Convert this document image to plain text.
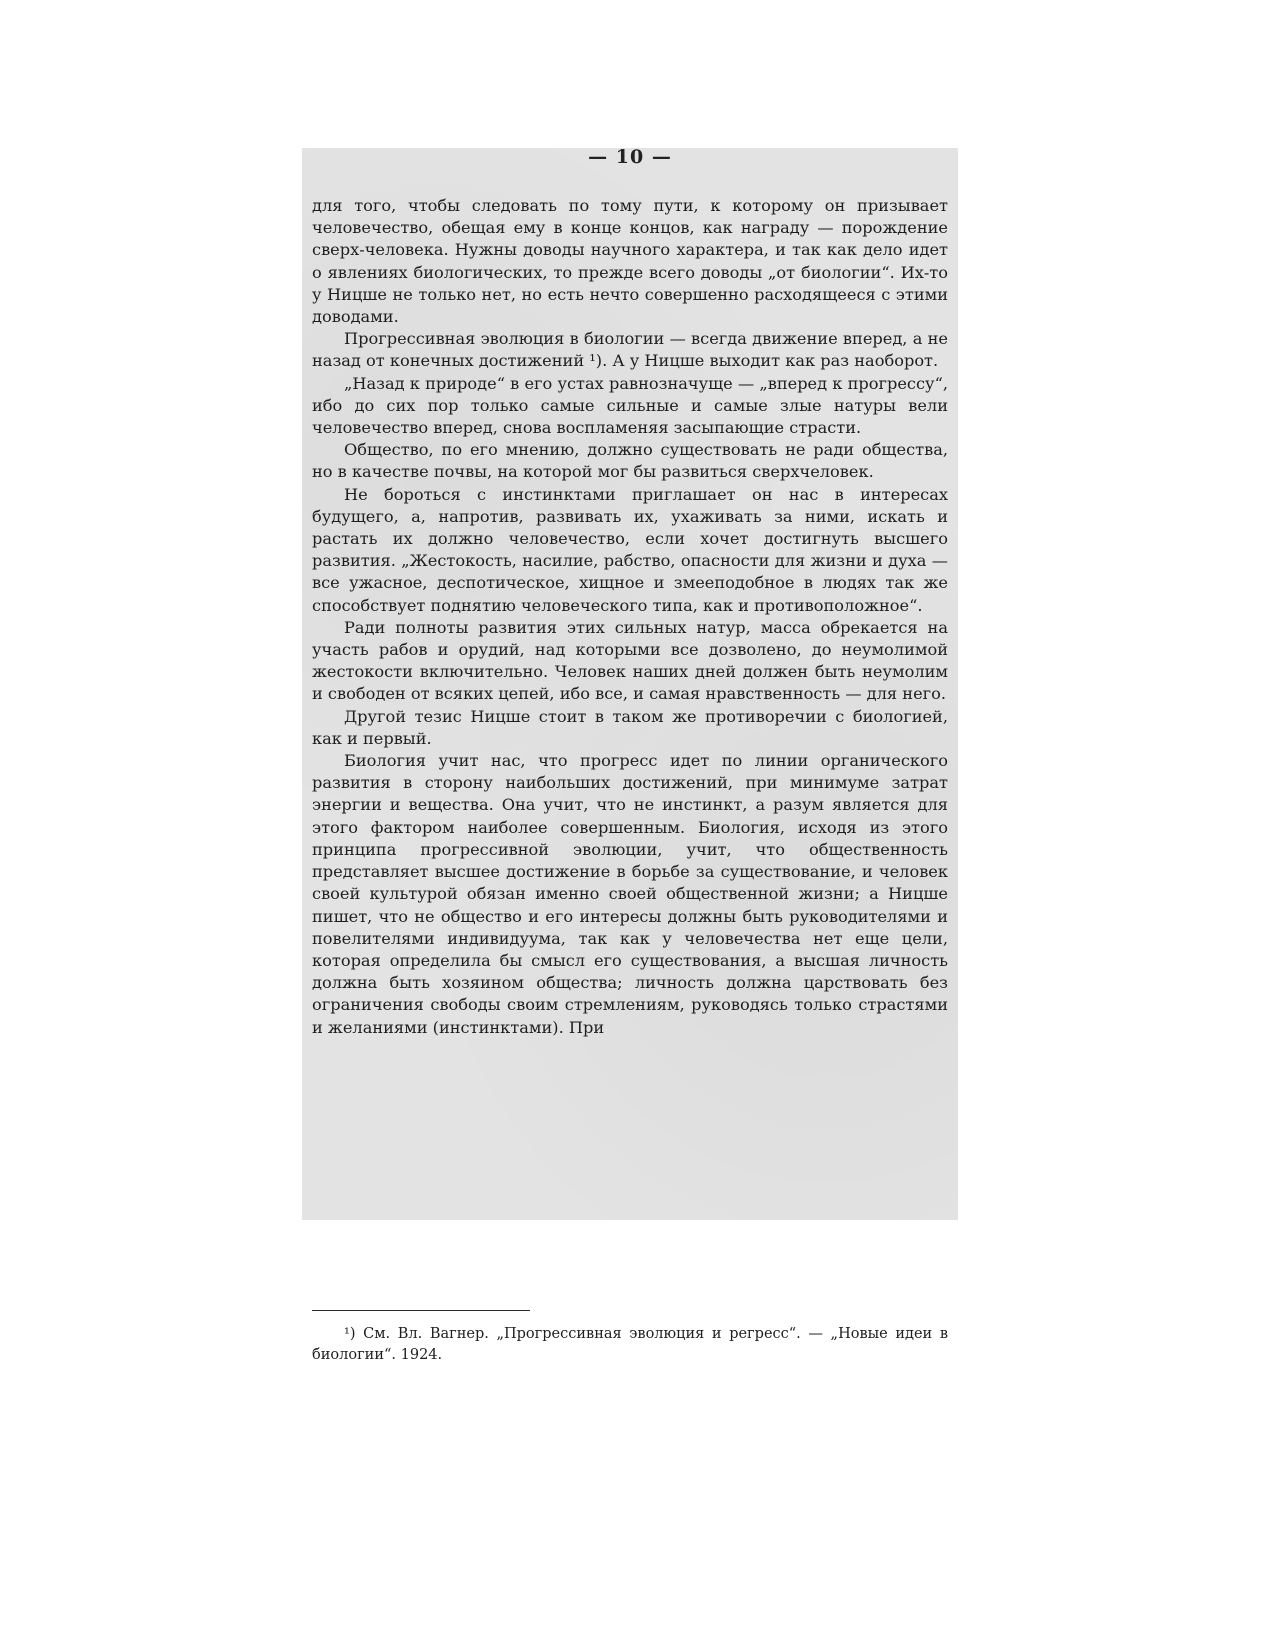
— 10 —

для того, чтобы следовать по тому пути, к которому он призывает человечество, обещая ему в конце концов, как награду — порождение сверх-человека. Нужны доводы научного характера, и так как дело идет о явлениях биологических, то прежде всего доводы „от биологии“. Их-то у Ницше не только нет, но есть нечто совершенно расходящееся с этими доводами.

Прогрессивная эволюция в биологии — всегда движение вперед, а не назад от конечных достижений ¹). А у Ницше выходит как раз наоборот.

„Назад к природе“ в его устах равнозначуще — „вперед к прогрессу“, ибо до сих пор только самые сильные и самые злые натуры вели человечество вперед, снова воспламеняя засыпающие страсти.

Общество, по его мнению, должно существовать не ради общества, но в качестве почвы, на которой мог бы развиться сверхчеловек.

Не бороться с инстинктами приглашает он нас в интересах будущего, а, напротив, развивать их, ухаживать за ними, искать и растать их должно человечество, если хочет достигнуть высшего развития. „Жестокость, насилие, рабство, опасности для жизни и духа — все ужасное, деспотическое, хищное и змееподобное в людях так же способствует поднятию человеческого типа, как и противоположное“.

Ради полноты развития этих сильных натур, масса обрекается на участь рабов и орудий, над которыми все дозволено, до неумолимой жестокости включительно. Человек наших дней должен быть неумолим и свободен от всяких цепей, ибо все, и самая нравственность — для него.

Другой тезис Ницше стоит в таком же противоречии с биологией, как и первый.

Биология учит нас, что прогресс идет по линии органического развития в сторону наибольших достижений, при минимуме затрат энергии и вещества. Она учит, что не инстинкт, а разум является для этого фактором наиболее совершенным. Биология, исходя из этого принципа прогрессивной эволюции, учит, что общественность представляет высшее достижение в борьбе за существование, и человек своей культурой обязан именно своей общественной жизни; а Ницше пишет, что не общество и его интересы должны быть руководителями и повелителями индивидуума, так как у человечества нет еще цели, которая определила бы смысл его существования, а высшая личность должна быть хозяином общества; личность должна царствовать без ограничения свободы своим стремлениям, руководясь только страстями и желаниями (инстинктами). При

¹) См. Вл. Вагнер. „Прогрессивная эволюция и регресс“. — „Новые идеи в биологии“. 1924.
